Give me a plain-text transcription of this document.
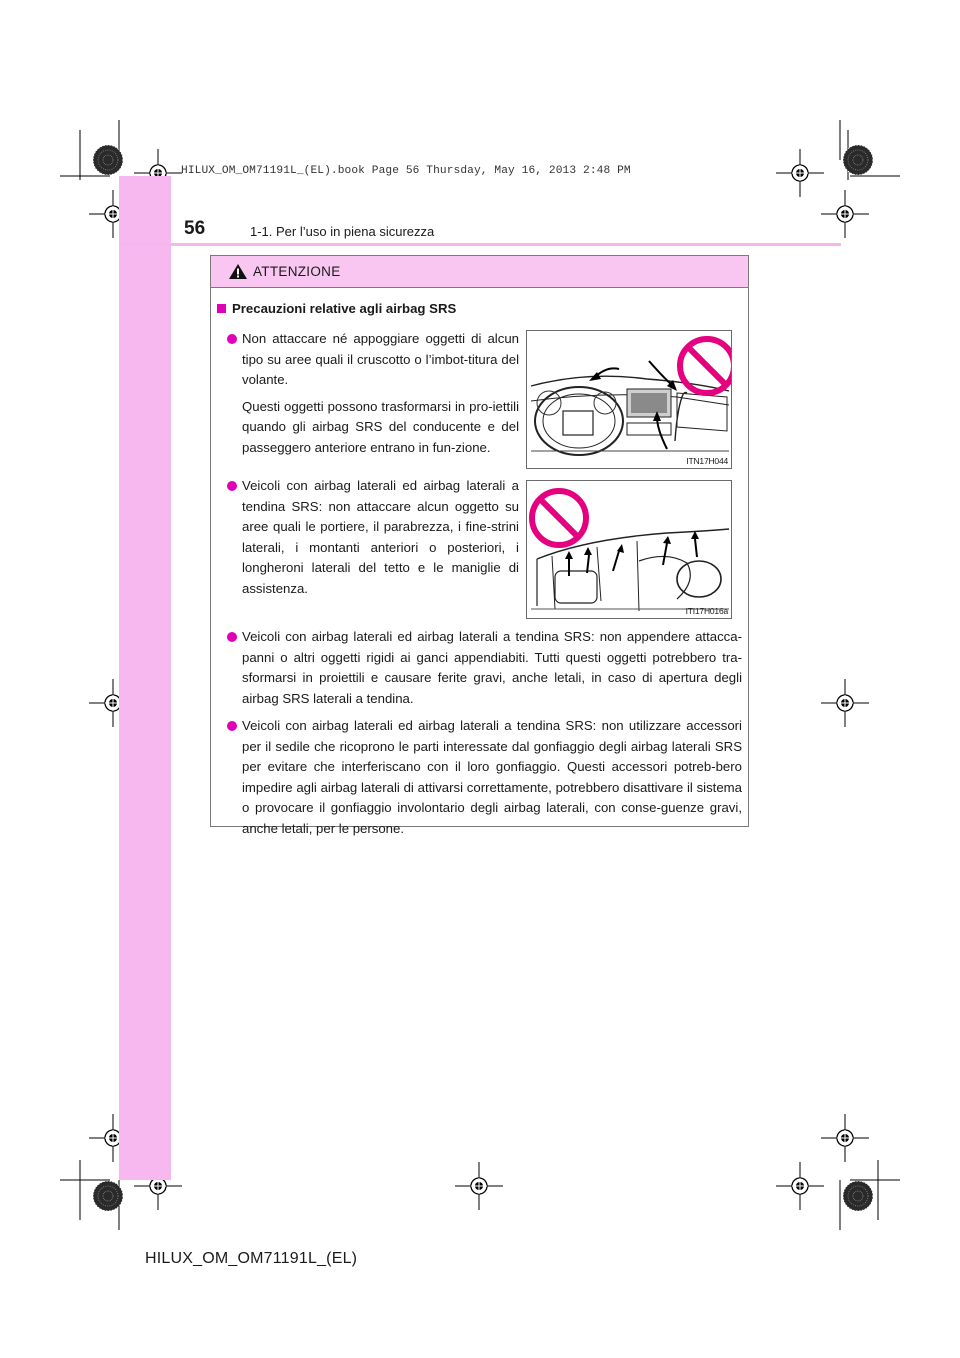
HILUX_OM_OM71191L_(EL).book Page 56 Thursday, May 16, 2013 2:48 PM
56	1-1. Per l’uso in piena sicurezza
ATTENZIONE
Precauzioni relative agli airbag SRS

Non attaccare né appoggiare oggetti di alcun tipo su aree quali il cruscotto o l’imbot-titura del volante.

Questi oggetti possono trasformarsi in pro-iettili quando gli airbag SRS del conducente e del passeggero anteriore entrano in fun-zione.

ITN17H044

Veicoli con airbag laterali ed airbag laterali a tendina SRS: non attaccare alcun oggetto su aree quali le portiere, il parabrezza, i fine-strini laterali, i montanti anteriori o posteriori, i longheroni laterali del tetto e le maniglie di assistenza.

ITI17H016a

Veicoli con airbag laterali ed airbag laterali a tendina SRS: non appendere attacca-panni o altri oggetti rigidi ai ganci appendiabiti. Tutti questi oggetti potrebbero tra-sformarsi in proiettili e causare ferite gravi, anche letali, in caso di apertura degli airbag SRS laterali a tendina.

Veicoli con airbag laterali ed airbag laterali a tendina SRS: non utilizzare accessori per il sedile che ricoprono le parti interessate dal gonfiaggio degli airbag laterali SRS per evitare che interferiscano con il loro gonfiaggio. Questi accessori potreb-bero impedire agli airbag laterali di attivarsi correttamente, potrebbero disattivare il sistema o provocare il gonfiaggio involontario degli airbag laterali, con conse-guenze gravi, anche letali, per le persone.

HILUX_OM_OM71191L_(EL)
